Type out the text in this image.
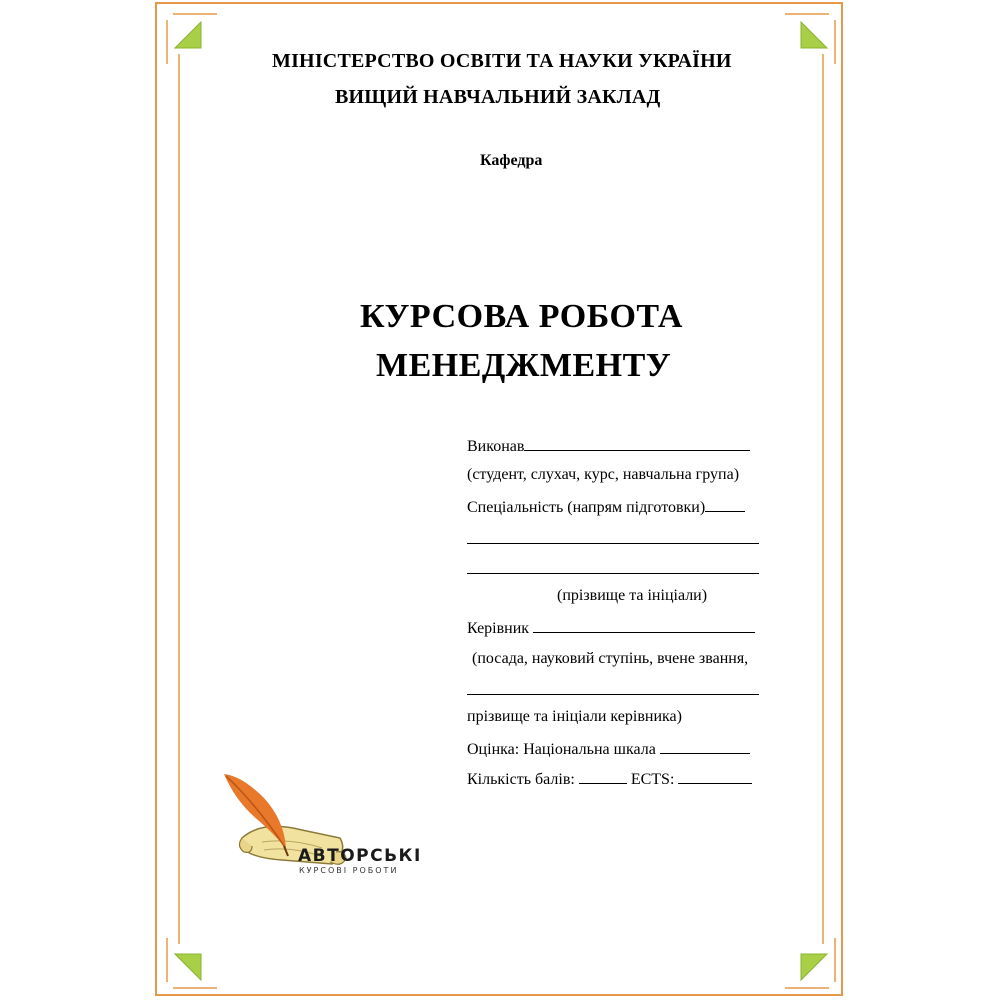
МІНІСТЕРСТВО ОСВІТИ ТА НАУКИ УКРАЇНИ
ВИЩИЙ НАВЧАЛЬНИЙ ЗАКЛАД
Кафедра
КУРСОВА РОБОТА
МЕНЕДЖМЕНТУ
Виконав
(студент, слухач, курс, навчальна група)
Спеціальність (напрям підготовки)
(прізвище та ініціали)
Керівник
(посада, науковий ступінь, вчене звання,
прізвище та ініціали керівника)
Оцінка: Національна шкала
Кількість балів:	ECTS:
АВТОРСЬКІ
КУРСОВІ РОБОТИ
